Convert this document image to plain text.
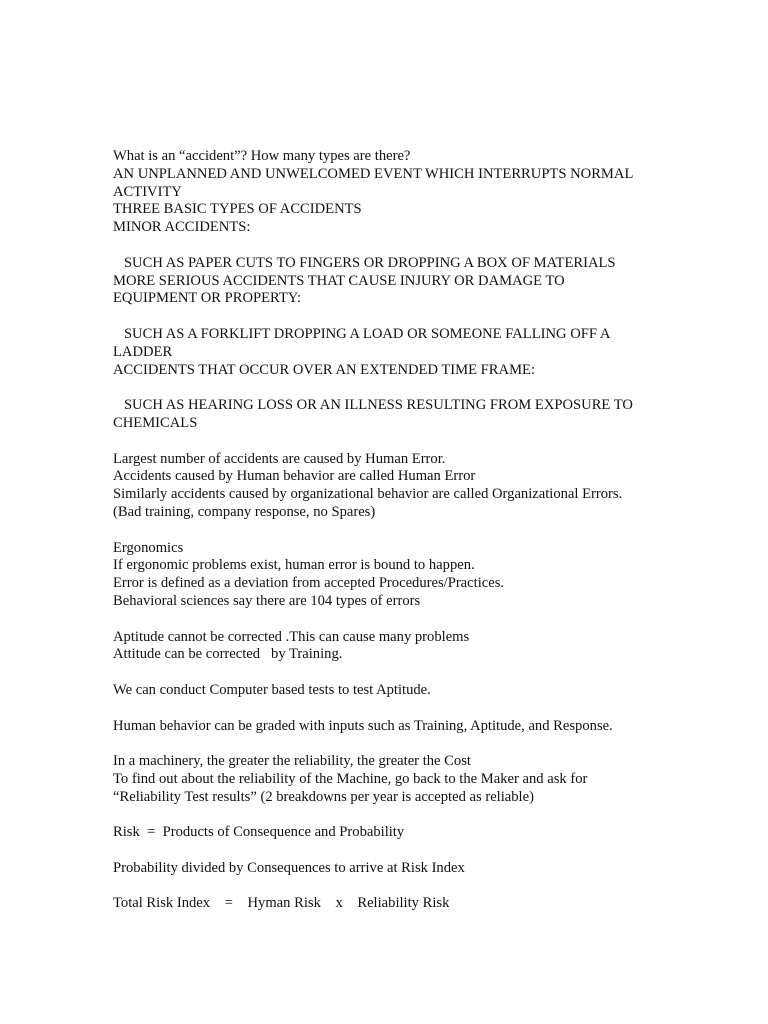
What is an “accident”? How many types are there?
AN UNPLANNED AND UNWELCOMED EVENT WHICH INTERRUPTS NORMAL
ACTIVITY
THREE BASIC TYPES OF ACCIDENTS
MINOR ACCIDENTS:
SUCH AS PAPER CUTS TO FINGERS OR DROPPING A BOX OF MATERIALS
MORE SERIOUS ACCIDENTS THAT CAUSE INJURY OR DAMAGE TO
EQUIPMENT OR PROPERTY:
SUCH AS A FORKLIFT DROPPING A LOAD OR SOMEONE FALLING OFF A
LADDER
ACCIDENTS THAT OCCUR OVER AN EXTENDED TIME FRAME:
SUCH AS HEARING LOSS OR AN ILLNESS RESULTING FROM EXPOSURE TO
CHEMICALS
Largest number of accidents are caused by Human Error.
Accidents caused by Human behavior are called Human Error
Similarly accidents caused by organizational behavior are called Organizational Errors.
(Bad training, company response, no Spares)
Ergonomics
If ergonomic problems exist, human error is bound to happen.
Error is defined as a deviation from accepted Procedures/Practices.
Behavioral sciences say there are 104 types of errors
Aptitude cannot be corrected .This can cause many problems
Attitude can be corrected   by Training.
We can conduct Computer based tests to test Aptitude.
Human behavior can be graded with inputs such as Training, Aptitude, and Response.
In a machinery, the greater the reliability, the greater the Cost
To find out about the reliability of the Machine, go back to the Maker and ask for
“Reliability Test results” (2 breakdowns per year is accepted as reliable)
Risk  =  Products of Consequence and Probability
Probability divided by Consequences to arrive at Risk Index
Total Risk Index    =    Hyman Risk    x    Reliability Risk
